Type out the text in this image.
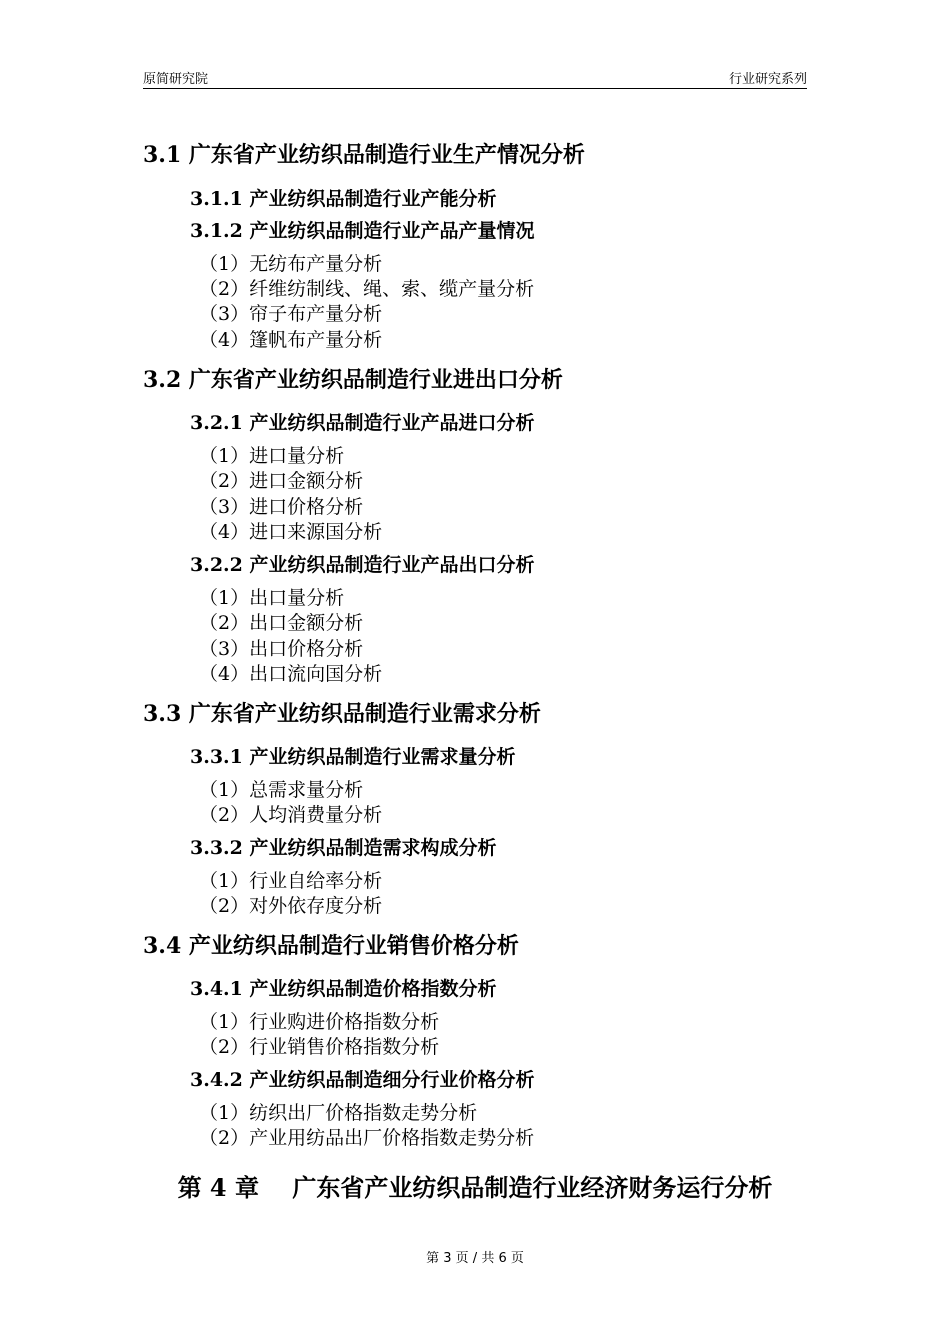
原简研究院	行业研究系列
3.1 广东省产业纺织品制造行业生产情况分析
3.1.1 产业纺织品制造行业产能分析
3.1.2 产业纺织品制造行业产品产量情况
（1）无纺布产量分析
（2）纤维纺制线、绳、索、缆产量分析
（3）帘子布产量分析
（4）篷帆布产量分析
3.2 广东省产业纺织品制造行业进出口分析
3.2.1 产业纺织品制造行业产品进口分析
（1）进口量分析
（2）进口金额分析
（3）进口价格分析
（4）进口来源国分析
3.2.2 产业纺织品制造行业产品出口分析
（1）出口量分析
（2）出口金额分析
（3）出口价格分析
（4）出口流向国分析
3.3 广东省产业纺织品制造行业需求分析
3.3.1 产业纺织品制造行业需求量分析
（1）总需求量分析
（2）人均消费量分析
3.3.2 产业纺织品制造需求构成分析
（1）行业自给率分析
（2）对外依存度分析
3.4 产业纺织品制造行业销售价格分析
3.4.1 产业纺织品制造价格指数分析
（1）行业购进价格指数分析
（2）行业销售价格指数分析
3.4.2 产业纺织品制造细分行业价格分析
（1）纺织出厂价格指数走势分析
（2）产业用纺品出厂价格指数走势分析
第 4 章    广东省产业纺织品制造行业经济财务运行分析
第 3 页 / 共 6 页
